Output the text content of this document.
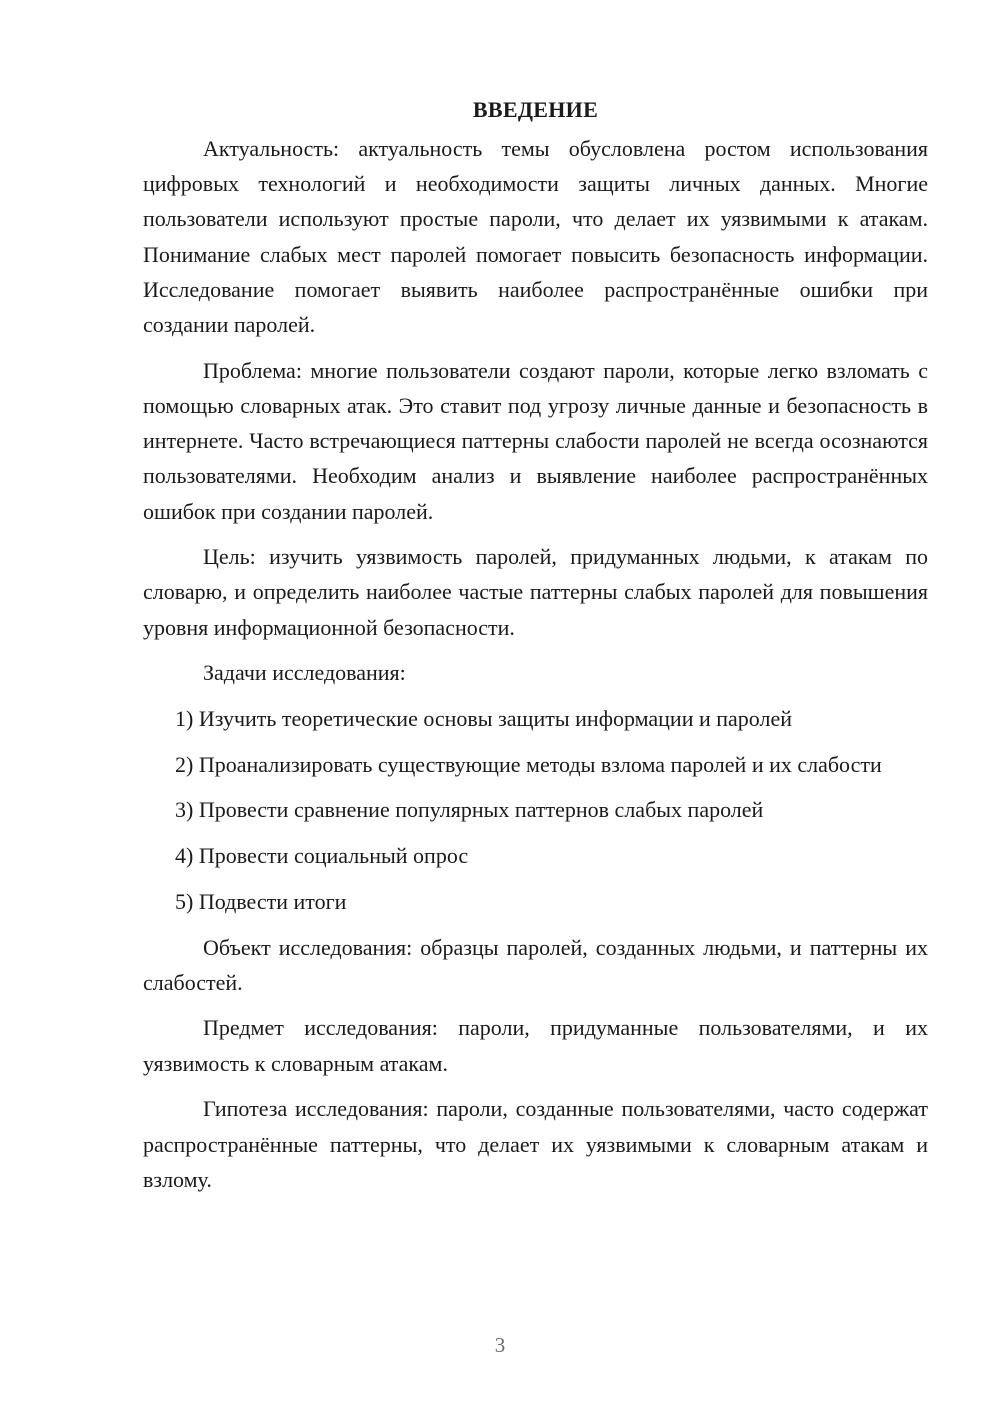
ВВЕДЕНИЕ

Актуальность: актуальность темы обусловлена ростом использования цифровых технологий и необходимости защиты личных данных. Многие пользователи используют простые пароли, что делает их уязвимыми к атакам. Понимание слабых мест паролей помогает повысить безопасность информации. Исследование помогает выявить наиболее распространённые ошибки при создании паролей.

Проблема: многие пользователи создают пароли, которые легко взломать с помощью словарных атак. Это ставит под угрозу личные данные и безопасность в интернете. Часто встречающиеся паттерны слабости паролей не всегда осознаются пользователями. Необходим анализ и выявление наиболее распространённых ошибок при создании паролей.

Цель: изучить уязвимость паролей, придуманных людьми, к атакам по словарю, и определить наиболее частые паттерны слабых паролей для повышения уровня информационной безопасности.

Задачи исследования:

1) Изучить теоретические основы защиты информации и паролей

2) Проанализировать существующие методы взлома паролей и их слабости

3) Провести сравнение популярных паттернов слабых паролей

4) Провести социальный опрос

5) Подвести итоги

Объект исследования: образцы паролей, созданных людьми, и паттерны их слабостей.

Предмет исследования: пароли, придуманные пользователями, и их уязвимость к словарным атакам.

Гипотеза исследования: пароли, созданные пользователями, часто содержат распространённые паттерны, что делает их уязвимыми к словарным атакам и взлому.

3
